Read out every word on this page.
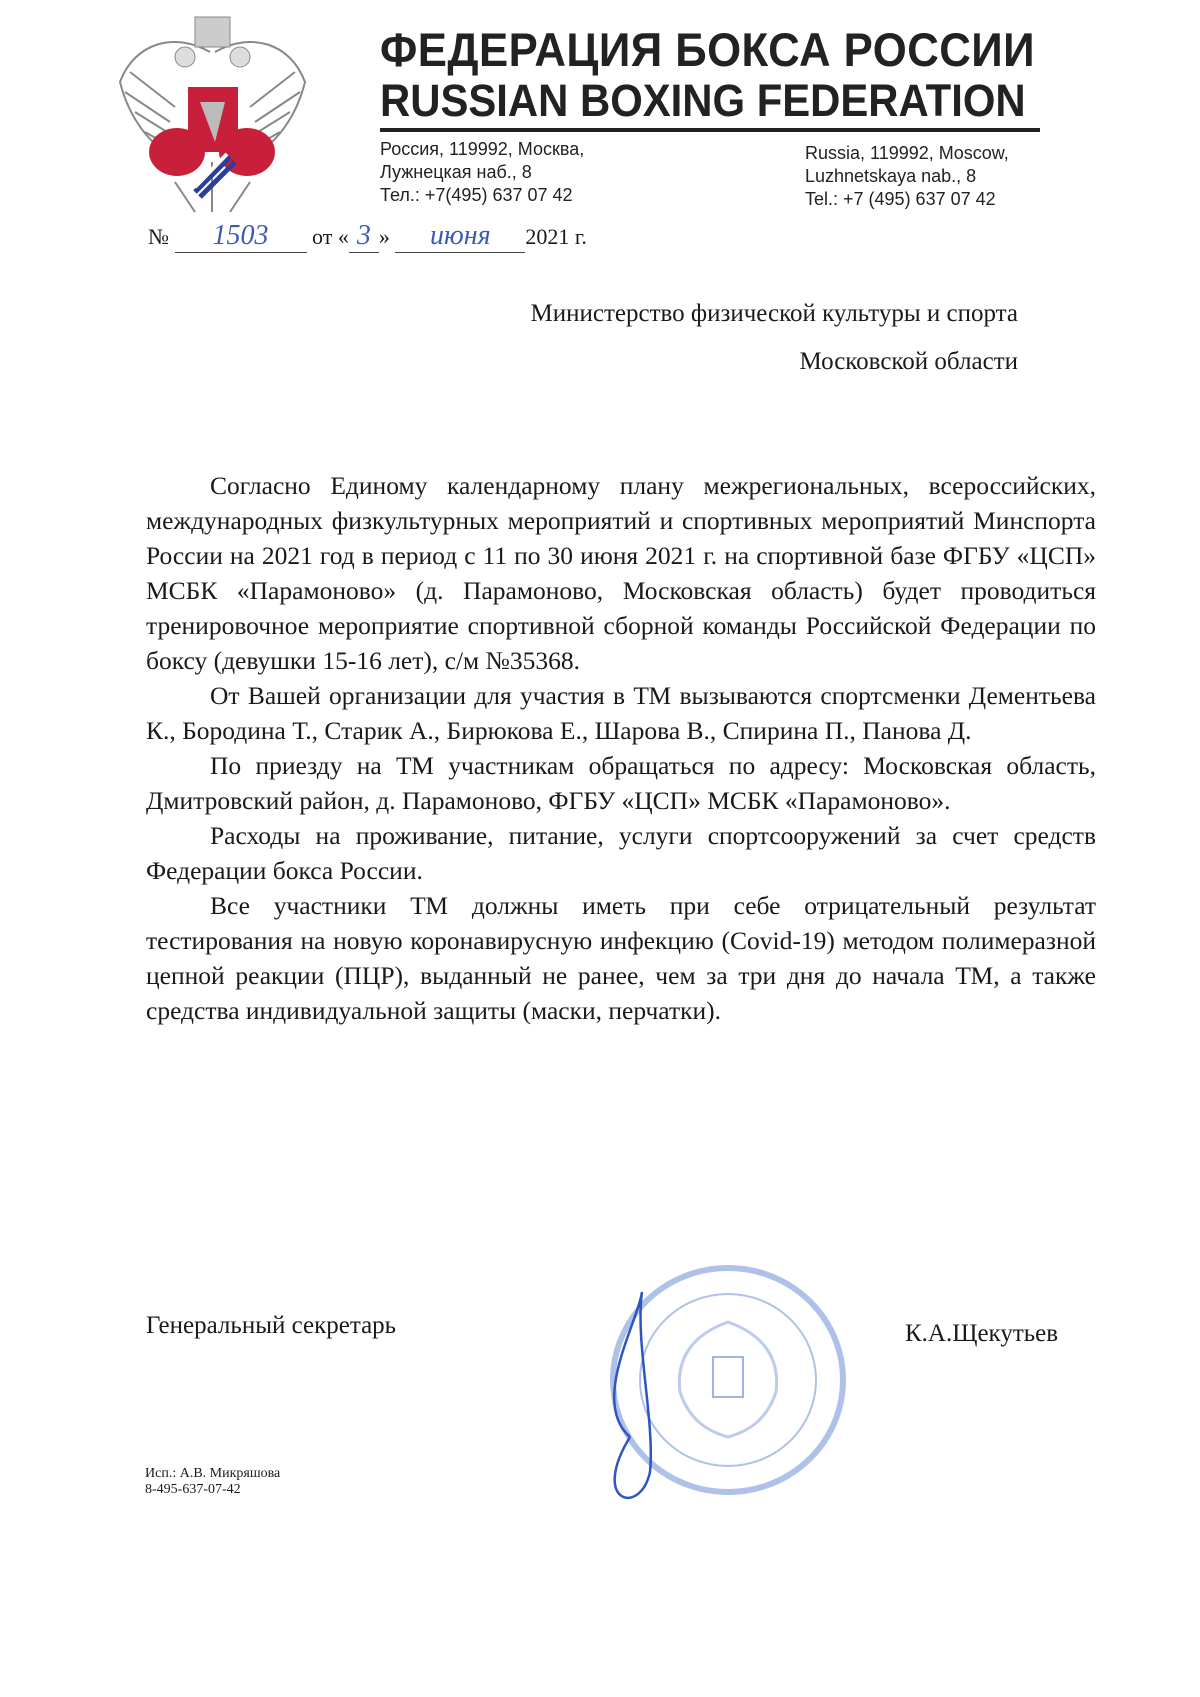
ФЕДЕРАЦИЯ БОКСА РОССИИ
RUSSIAN BOXING FEDERATION
Россия, 119992, Москва,
Лужнецкая наб., 8
Тел.: +7(495) 637 07 42
Russia, 119992, Moscow,
Luzhnetskaya nab., 8
Tel.: +7 (495) 637 07 42
№ 1503 от « 3 » июня 2021 г.
Министерство физической культуры и спорта
Московской области

Согласно Единому календарному плану межрегиональных, всероссийских, международных физкультурных мероприятий и спортивных мероприятий Минспорта России на 2021 год в период с 11 по 30 июня 2021 г. на спортивной базе ФГБУ «ЦСП» МСБК «Парамоново» (д. Парамоново, Московская область) будет проводиться тренировочное мероприятие спортивной сборной команды Российской Федерации по боксу (девушки 15-16 лет), с/м №35368.

От Вашей организации для участия в ТМ вызываются спортсменки Дементьева К., Бородина Т., Старик А., Бирюкова Е., Шарова В., Спирина П., Панова Д.

По приезду на ТМ участникам обращаться по адресу: Московская область, Дмитровский район, д. Парамоново, ФГБУ «ЦСП» МСБК «Парамоново».

Расходы на проживание, питание, услуги спортсооружений за счет средств Федерации бокса России.

Все участники ТМ должны иметь при себе отрицательный результат тестирования на новую коронавирусную инфекцию (Covid-19) методом полимеразной цепной реакции (ПЦР), выданный не ранее, чем за три дня до начала ТМ, а также средства индивидуальной защиты (маски, перчатки).

Генеральный секретарь	К.А.Щекутьев
Исп.: А.В. Микряшова
8-495-637-07-42
